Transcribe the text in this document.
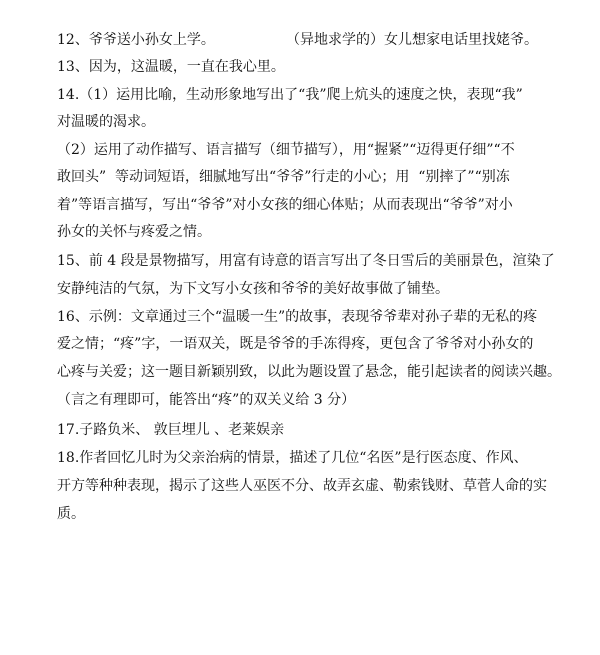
12、爷爷送小孙女上学。                （异地求学的）女儿想家电话里找姥爷。
13、因为，这温暖，一直在我心里。
14.（1）运用比喻，生动形象地写出了“我”爬上炕头的速度之快，表现“我”
对温暖的渴求。
（2）运用了动作描写、语言描写（细节描写），用“握紧”“迈得更仔细”“不
敢回头”  等动词短语，细腻地写出“爷爷”行走的小心；用  “别摔了”“别冻
着”等语言描写，写出“爷爷”对小女孩的细心体贴；从而表现出“爷爷”对小
孙女的关怀与疼爱之情。
15、前 4 段是景物描写，用富有诗意的语言写出了冬日雪后的美丽景色，渲染了
安静纯洁的气氛，为下文写小女孩和爷爷的美好故事做了铺垫。
16、示例：文章通过三个“温暖一生”的故事，表现爷爷辈对孙子辈的无私的疼
爱之情；“疼”字，一语双关，既是爷爷的手冻得疼，更包含了爷爷对小孙女的
心疼与关爱；这一题目新颖别致，以此为题设置了悬念，能引起读者的阅读兴趣。
（言之有理即可，能答出“疼”的双关义给 3 分）
17.子路负米、 敦巨埋儿 、老莱娱亲
18.作者回忆儿时为父亲治病的情景，描述了几位“名医”是行医态度、作风、
开方等种种表现，揭示了这些人巫医不分、故弄玄虚、勒索钱财、草菅人命的实
质。
